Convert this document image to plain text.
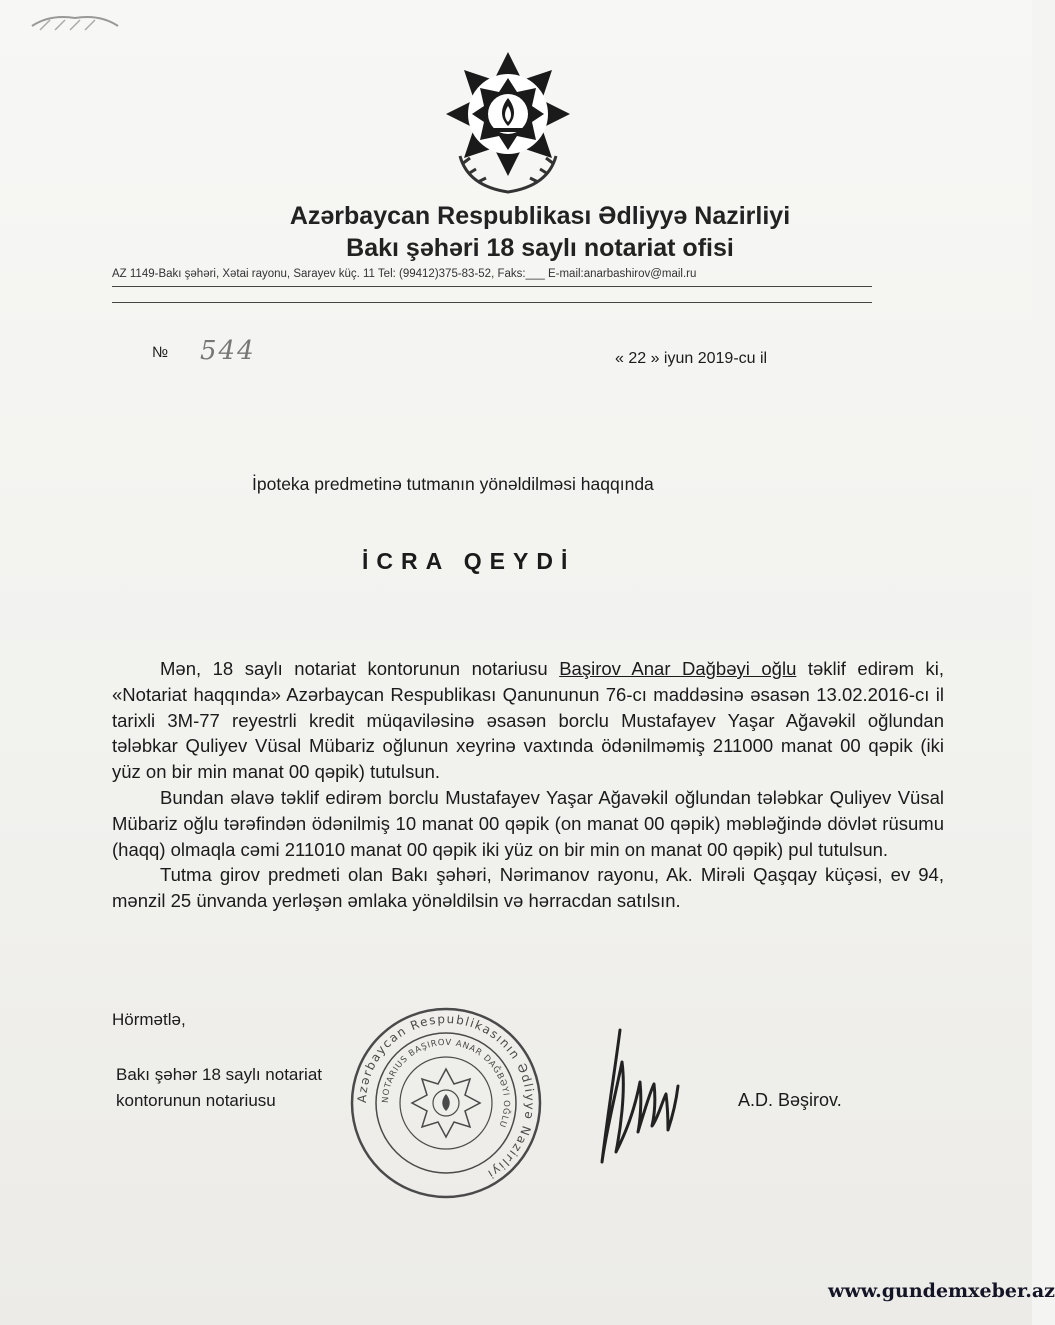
Azərbaycan Respublikası Ədliyyə Nazirliyi
Bakı şəhəri 18 saylı notariat ofisi
AZ 1149-Bakı şəhəri, Xətai rayonu, Sarayev küç. 11 Tel: (99412)375-83-52, Faks:___ E-mail:anarbashirov@mail.ru
№ 544	« 22 » iyun 2019-cu il
İpoteka predmetinə tutmanın yönəldilməsi haqqında
İCRA QEYDİ

Mən, 18 saylı notariat kontorunun notariusu Başirov Anar Dağbəyi oğlu təklif edirəm ki, «Notariat haqqında» Azərbaycan Respublikası Qanununun 76-cı maddəsinə əsasən 13.02.2016-cı il tarixli 3M-77 reyestrli kredit müqaviləsinə əsasən borclu Mustafayev Yaşar Ağavəkil oğlundan tələbkar Quliyev Vüsal Mübariz oğlunun xeyrinə vaxtında ödənilməmiş 211000 manat 00 qəpik (iki yüz on bir min manat 00 qəpik) tutulsun.

Bundan əlavə təklif edirəm borclu Mustafayev Yaşar Ağavəkil oğlundan tələbkar Quliyev Vüsal Mübariz oğlu tərəfindən ödənilmiş 10 manat 00 qəpik (on manat 00 qəpik) məbləğində dövlət rüsumu (haqq) olmaqla cəmi 211010 manat 00 qəpik iki yüz on bir min on manat 00 qəpik) pul tutulsun.

Tutma girov predmeti olan Bakı şəhəri, Nərimanov rayonu, Ak. Mirəli Qaşqay küçəsi, ev 94, mənzil 25 ünvanda yerləşən əmlaka yönəldilsin və hərracdan satılsın.

Hörmətlə,
Bakı şəhər 18 saylı notariat
kontorunun notariusu	Azərbaycan Respublikasının Ədliyyə Nazirliyi
NOTARIUS BAŞIROV ANAR DAĞBƏYI OĞLU
A.D. Bəşirov.
www.gundemxeber.az
